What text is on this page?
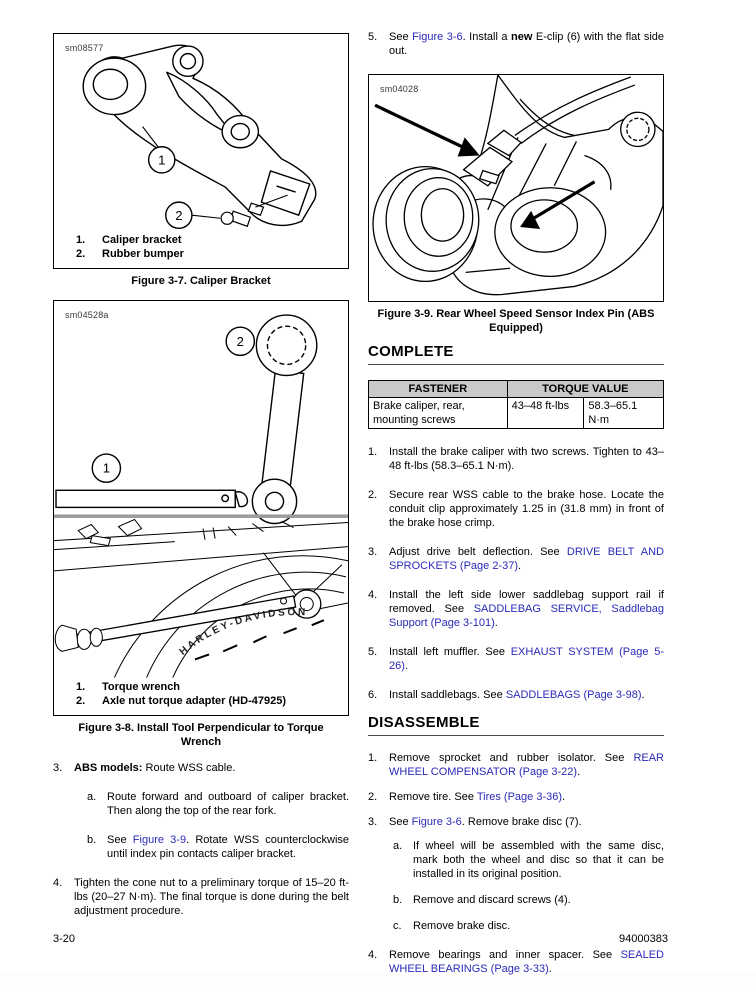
sm08577
1
2
1.	Caliper bracket
2.	Rubber bumper
Figure 3-7. Caliper Bracket
sm04528a
2
1
HARLEY-DAVIDSON
1.	Torque wrench
2.	Axle nut torque adapter (HD-47925)
Figure 3-8. Install Tool Perpendicular to Torque Wrench
3.	ABS models: Route WSS cable.
a. Route forward and outboard of caliper bracket. Then along the top of the rear fork.
b. See Figure 3-9. Rotate WSS counterclockwise until index pin contacts caliper bracket.
4.	Tighten the cone nut to a preliminary torque of 15–20 ft-lbs (20–27 N·m). The final torque is done during the belt adjustment procedure.
5.	See Figure 3-6. Install a new E-clip (6) with the flat side out.
sm04028
Figure 3-9. Rear Wheel Speed Sensor Index Pin (ABS Equipped)
COMPLETE
FASTENER	TORQUE VALUE	
Brake caliper, rear, mounting screws	43–48 ft-lbs	58.3–65.1 N·m
1.	Install the brake caliper with two screws. Tighten to 43–48 ft-lbs (58.3–65.1 N·m).
2.	Secure rear WSS cable to the brake hose. Locate the conduit clip approximately 1.25 in (31.8 mm) in front of the brake hose crimp.
3.	Adjust drive belt deflection. See DRIVE BELT AND SPROCKETS (Page 2-37).
4.	Install the left side lower saddlebag support rail if removed. See SADDLEBAG SERVICE, Saddlebag Support (Page 3-101).
5.	Install left muffler. See EXHAUST SYSTEM (Page 5-26).
6.	Install saddlebags. See SADDLEBAGS (Page 3-98).
DISASSEMBLE
1.	Remove sprocket and rubber isolator. See REAR WHEEL COMPENSATOR (Page 3-22).
2.	Remove tire. See Tires (Page 3-36).
3.	See Figure 3-6. Remove brake disc (7).
a. If wheel will be assembled with the same disc, mark both the wheel and disc so that it can be installed in its original position.
b. Remove and discard screws (4).
c.	Remove brake disc.
4.	Remove bearings and inner spacer. See SEALED WHEEL BEARINGS (Page 3-33).
3-20	94000383
